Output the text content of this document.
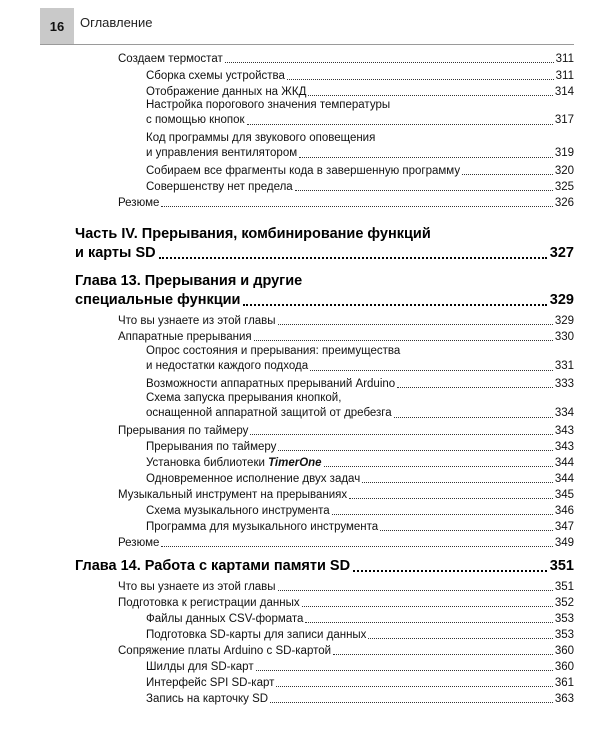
16	Оглавление
Создаем термостат	311
Сборка схемы устройства	311
Отображение данных на ЖКД	314
Настройка порогового значения температуры
с помощью кнопок	317
Код программы для звукового оповещения
и управления вентилятором	319
Собираем все фрагменты кода в завершенную программу	320
Совершенству нет предела	325
Резюме	326
Часть IV. Прерывания, комбинирование функций
и карты SD	327
Глава 13. Прерывания и другие
специальные функции	329
Что вы узнаете из этой главы	329
Аппаратные прерывания	330
Опрос состояния и прерывания: преимущества
и недостатки каждого подхода	331
Возможности аппаратных прерываний Arduino	333
Схема запуска прерывания кнопкой,
оснащенной аппаратной защитой от дребезга	334
Прерывания по таймеру	343
Прерывания по таймеру	343
Установка библиотеки TimerOne	344
Одновременное исполнение двух задач	344
Музыкальный инструмент на прерываниях	345
Схема музыкального инструмента	346
Программа для музыкального инструмента	347
Резюме	349
Глава 14. Работа с картами памяти SD	351
Что вы узнаете из этой главы	351
Подготовка к регистрации данных	352
Файлы данных CSV-формата	353
Подготовка SD-карты для записи данных	353
Сопряжение платы Arduino с SD-картой	360
Шилды для SD-карт	360
Интерфейс SPI SD-карт	361
Запись на карточку SD	363
